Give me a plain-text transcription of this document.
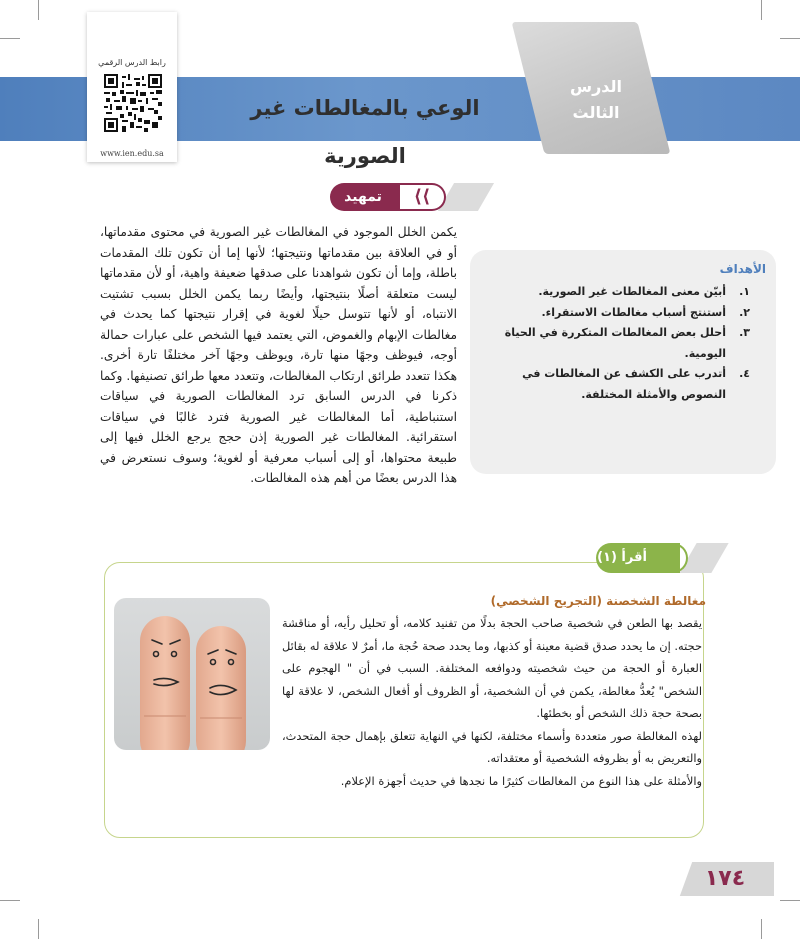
الدرس
الثالث
الوعي بالمغالطات غير الصورية
رابط الدرس الرقمي
www.ien.edu.sa
⟨⟨
تمهيد
يكمن الخلل الموجود في المغالطات غير الصورية في محتوى مقدماتها، أو في العلاقة بين مقدماتها ونتيجتها؛ لأنها إما أن تكون تلك المقدمات باطلة، وإما أن تكون شواهدنا على صدقها ضعيفة واهية، أو لأن مقدماتها ليست متعلقة أصلًا بنتيجتها، وأيضًا ربما يكمن الخلل بسبب تشتيت الانتباه، أو لأنها تتوسل حيلًا لغوية في إقرار نتيجتها كما يحدث في مغالطات الإبهام والغموض، التي يعتمد فيها الشخص على عبارات حمالة أوجه، فيوظف وجهًا منها تارة، ويوظف وجهًا آخر مختلفًا تارة أخرى. هكذا تتعدد طرائق ارتكاب المغالطات، وتتعدد معها طرائق تصنيفها. وكما ذكرنا في الدرس السابق ترد المغالطات الصورية في سياقات استنباطية، أما المغالطات غير الصورية فترد غالبًا في سياقات استقرائية. المغالطات غير الصورية إذن حجج يرجع الخلل فيها إلى طبيعة محتواها، أو إلى أسباب معرفية أو لغوية؛ وسوف نستعرض في هذا الدرس بعضًا من أهم هذه المغالطات.
الأهداف
١.
أبيّن معنى المغالطات غير الصورية.
٢.
أستنتج أسباب مغالطات الاستقراء.
٣.
أحلل بعض المغالطات المتكررة في الحياة اليومية.
٤.
أتدرب على الكشف عن المغالطات في النصوص والأمثلة المختلفة.
أقرأ (١)
مغالطة الشخصنة (التجريح الشخصي)

يقصد بها الطعن في شخصية صاحب الحجة بدلًا من تفنيد كلامه، أو تحليل رأيه، أو مناقشة حجته. إن ما يحدد صدق قضية معينة أو كذبها، وما يحدد صحة حُجة ما، أمرٌ لا علاقة له بقائل العبارة أو الحجة من حيث شخصيته ودوافعه المختلفة. السبب في أن " الهجوم على الشخص" يُعدُّ مغالطة، يكمن في أن الشخصية، أو الظروف أو أفعال الشخص، لا علاقة لها بصحة حجة ذلك الشخص أو بخطئها.

لهذه المغالطة صور متعددة وأسماء مختلفة، لكنها في النهاية تتعلق بإهمال حجة المتحدث، والتعريض به أو بظروفه الشخصية أو معتقداته.

والأمثلة على هذا النوع من المغالطات كثيرًا ما نجدها في حديث أجهزة الإعلام.

١٧٤
